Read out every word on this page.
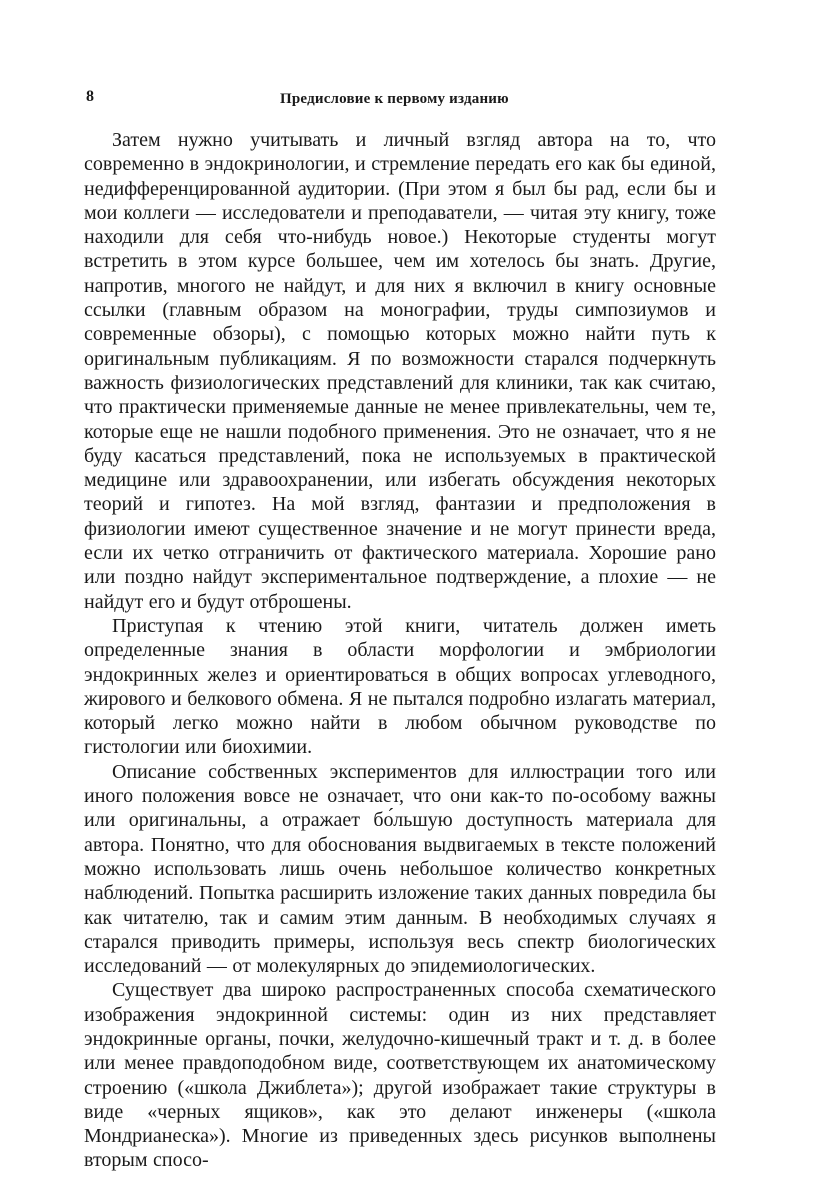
8	Предисловие к первому изданию

Затем нужно учитывать и личный взгляд автора на то, что современно в эндокринологии, и стремление передать его как бы единой, недифференцированной аудитории. (При этом я был бы рад, если бы и мои коллеги — исследователи и преподаватели, — читая эту книгу, тоже находили для себя что-нибудь новое.) Некоторые студенты могут встретить в этом курсе большее, чем им хотелось бы знать. Другие, напротив, многого не найдут, и для них я включил в книгу основные ссылки (главным образом на монографии, труды симпозиумов и современные обзоры), с помощью которых можно найти путь к оригинальным публикациям. Я по возможности старался подчеркнуть важность физиологических представлений для клиники, так как считаю, что практически применяемые данные не менее привлекательны, чем те, которые еще не нашли подобного применения. Это не означает, что я не буду касаться представлений, пока не используемых в практической медицине или здравоохранении, или избегать обсуждения некоторых теорий и гипотез. На мой взгляд, фантазии и предположения в физиологии имеют существенное значение и не могут принести вреда, если их четко отграничить от фактического материала. Хорошие рано или поздно найдут экспериментальное подтверждение, а плохие — не найдут его и будут отброшены.

Приступая к чтению этой книги, читатель должен иметь определенные знания в области морфологии и эмбриологии эндокринных желез и ориентироваться в общих вопросах углеводного, жирового и белкового обмена. Я не пытался подробно излагать материал, который легко можно найти в любом обычном руководстве по гистологии или биохимии.

Описание собственных экспериментов для иллюстрации того или иного положения вовсе не означает, что они как-то по-особому важны или оригинальны, а отражает бо́льшую доступность материала для автора. Понятно, что для обоснования выдвигаемых в тексте положений можно использовать лишь очень небольшое количество конкретных наблюдений. Попытка расширить изложение таких данных повредила бы как читателю, так и самим этим данным. В необходимых случаях я старался приводить примеры, используя весь спектр биологических исследований — от молекулярных до эпидемиологических.

Существует два широко распространенных способа схематического изображения эндокринной системы: один из них представляет эндокринные органы, почки, желудочно-кишечный тракт и т. д. в более или менее правдоподобном виде, соответствующем их анатомическому строению («школа Джиблета»); другой изображает такие структуры в виде «черных ящиков», как это делают инженеры («школа Мондрианеска»). Многие из приведенных здесь рисунков выполнены вторым спосо-
